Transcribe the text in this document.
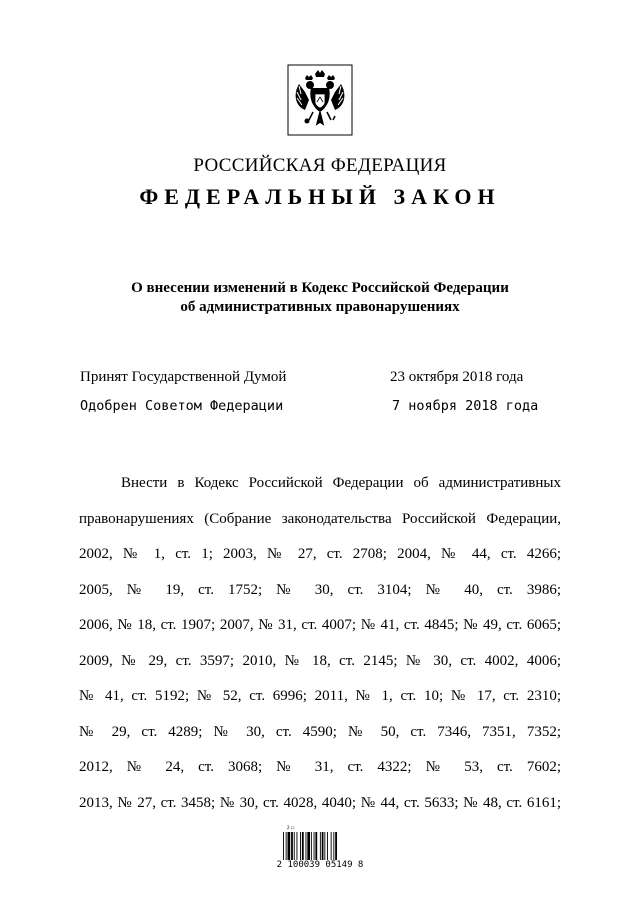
РОССИЙСКАЯ ФЕДЕРАЦИЯ
ФЕДЕРАЛЬНЫЙ ЗАКОН
О внесении изменений в Кодекс Российской Федерации
об административных правонарушениях
Принят Государственной Думой	23 октября 2018 года
Одобрен Советом Федерации	7 ноября 2018 года
Внести в Кодекс Российской Федерации об административных
правонарушениях (Собрание законодательства Российской Федерации,
2002, № 1, ст. 1; 2003, № 27, ст. 2708; 2004, № 44, ст. 4266;
2005, № 19, ст. 1752; № 30, ст. 3104; № 40, ст. 3986;
2006, № 18, ст. 1907; 2007, № 31, ст. 4007; № 41, ст. 4845; № 49, ст. 6065;
2009, № 29, ст. 3597; 2010, № 18, ст. 2145; № 30, ст. 4002, 4006;
№ 41, ст. 5192; № 52, ст. 6996; 2011, № 1, ст. 10; № 17, ст. 2310;
№ 29, ст. 4289; № 30, ст. 4590; № 50, ст. 7346, 7351, 7352;
2012, № 24, ст. 3068; № 31, ст. 4322; № 53, ст. 7602;
2013, № 27, ст. 3458; № 30, ст. 4028, 4040; № 44, ст. 5633; № 48, ст. 6161;
2 ☐
2 100039 05149 8
